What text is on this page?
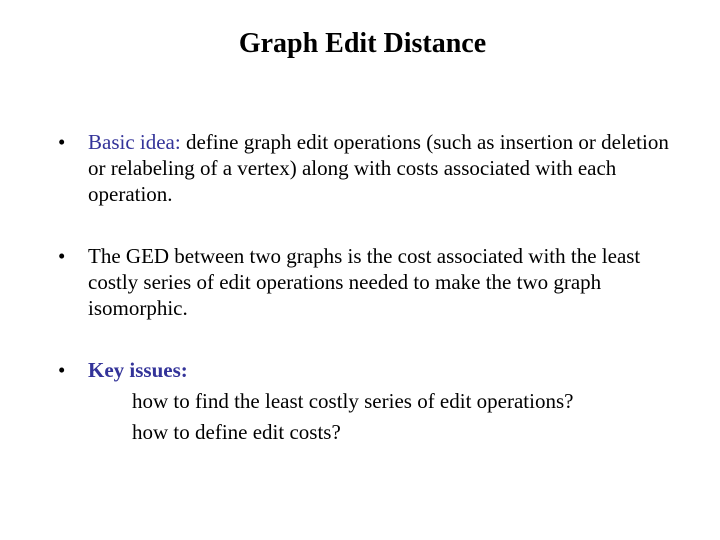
Graph Edit Distance
•	Basic idea: define graph edit operations (such as insertion or deletion or relabeling of a vertex) along with costs associated with each operation.
•	The GED between two graphs is the cost associated with the least costly series of edit operations needed to make the two graph isomorphic.
•	Key issues:
how to find the least costly series of edit operations?
how to define edit costs?
